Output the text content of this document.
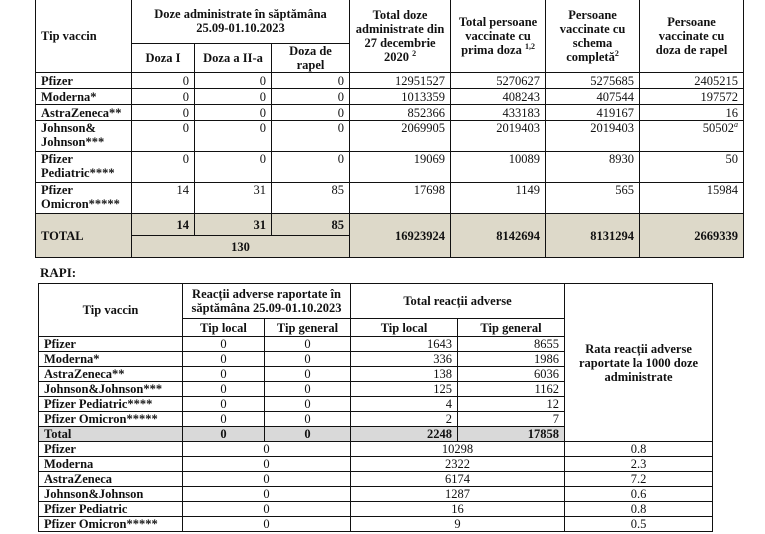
Tip vaccin	Doze administrate în săptămâna 25.09-01.10.2023			Total doze administrate din 27 decembrie 2020 $^2$	Total persoane vaccinate cu prima doza $^{1,2}$	Persoane vaccinate cu schema completă$^2$	Persoane vaccinate cu doza de rapel
	Doza I	Doza a II-a	Doza de rapel				
Pfizer	0	0	0	12951527	5270627	5275685	2405215
Moderna*	0	0	0	1013359	408243	407544	197572
AstraZeneca**	0	0	0	852366	433183	419167	16
Johnson& Johnson***	0	0	0	2069905	2019403	2019403	50502$^a$
Pfizer Pediatric****	0	0	0	19069	10089	8930	50
Pfizer Omicron*****	14	31	85	17698	1149	565	15984
TOTAL	14	31	85	16923924	8142694	8131294	2669339
	130						
RAPI:
Tip vaccin	Reacții adverse raportate în săptămâna 25.09-01.10.2023		Total reacții adverse		Rata reacții adverse raportate la 1000 doze administrate
	Tip local	Tip general	Tip local	Tip general	
Pfizer	0	0	1643	8655	
Moderna*	0	0	336	1986	
AstraZeneca**	0	0	138	6036	
Johnson&Johnson***	0	0	125	1162	
Pfizer Pediatric****	0	0	4	12	
Pfizer Omicron*****	0	0	2	7	
Total	0	0	2248	17858	
Pfizer	0		10298		0.8
Moderna	0		2322		2.3
AstraZeneca	0		6174		7.2
Johnson&Johnson	0		1287		0.6
Pfizer Pediatric	0		16		0.8
Pfizer Omicron*****	0		9		0.5
